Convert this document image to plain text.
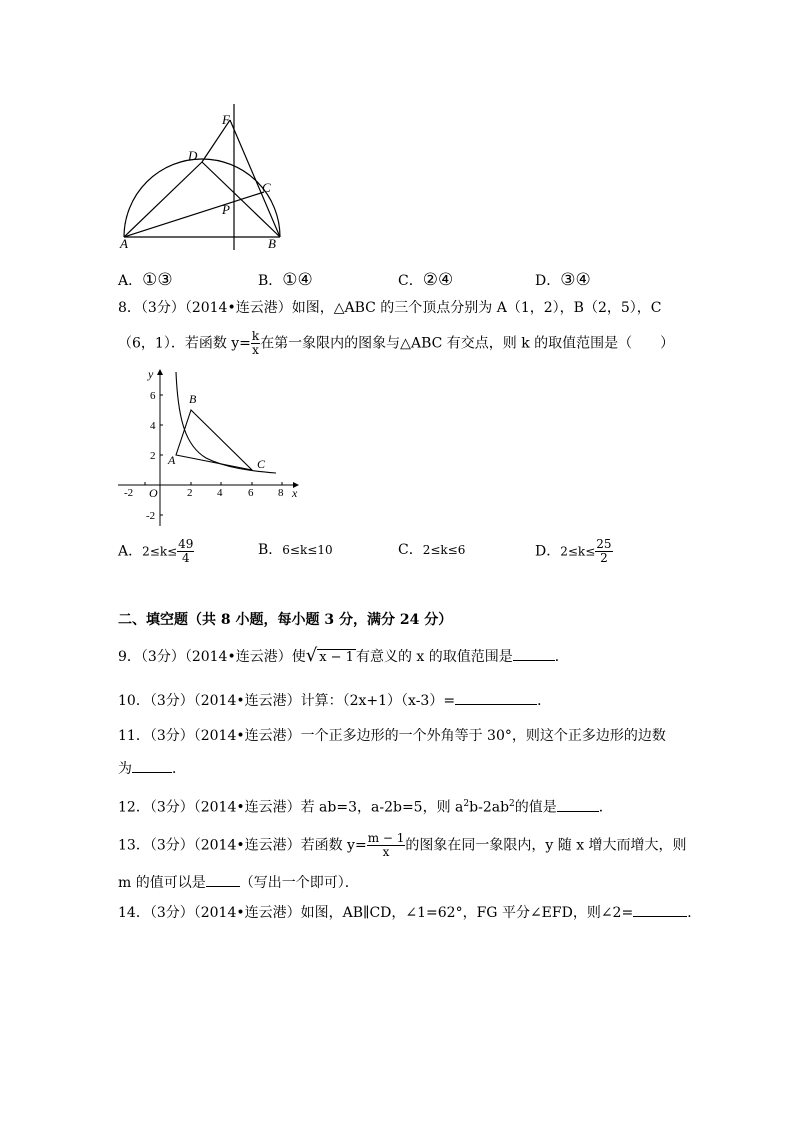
F
D
C
P
A	B
A．①③	B．①④	C．②④	D．③④
8．（3分）（2014•连云港）如图，△ABC 的三个顶点分别为 A（1，2），B（2，5），C
（6，1）．若函数 $y= \frac{k}{x}$ 在第一象限内的图象与△ABC 有交点，则 k 的取值范围是（　　）
y
x
O
6
4
2
-2
-2	2 4 6 8
A
B
C
A．$2\le k\le \frac{49}{4}$	B．6≤k≤10	C．2≤k≤6	D．$2\le k\le \frac{25}{2}$
二、填空题（共 8 小题，每小题 3 分，满分 24 分）
9．（3分）（2014•连云港）使√ x − 1 有意义的 x 的取值范围是	．
10．（3分）（2014•连云港）计算：（2x+1）（x-3）=	．
11．（3分）（2014•连云港）一个正多边形的一个外角等于 30°，则这个正多边形的边数
为	．
12．（3分）（2014•连云港）若 ab=3，a-2b=5，则 $a^2b-2ab^2$的值是	．
13．（3分）（2014•连云港）若函数 $y= \frac{m - 1}{x}$ 的图象在同一象限内，y 随 x 增大而增大，则
m 的值可以是 （写出一个即可）．
14．（3分）（2014•连云港）如图，AB∥CD，∠1=62°，FG 平分∠EFD，则∠2=	．
